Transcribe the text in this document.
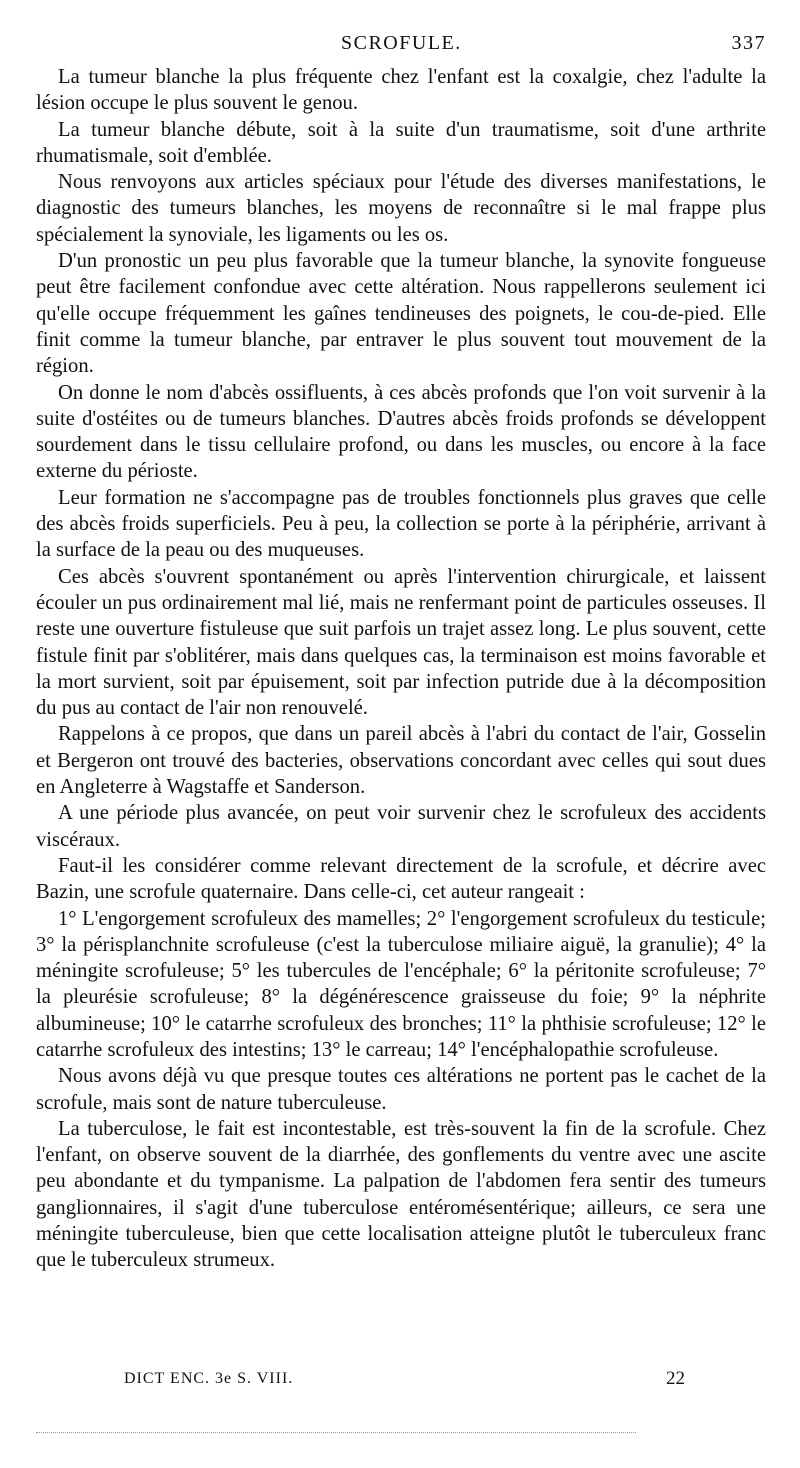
SCROFULE.	337

La tumeur blanche la plus fréquente chez l'enfant est la coxalgie, chez l'adulte la lésion occupe le plus souvent le genou.

La tumeur blanche débute, soit à la suite d'un traumatisme, soit d'une arthrite rhumatismale, soit d'emblée.

Nous renvoyons aux articles spéciaux pour l'étude des diverses manifestations, le diagnostic des tumeurs blanches, les moyens de reconnaître si le mal frappe plus spécialement la synoviale, les ligaments ou les os.

D'un pronostic un peu plus favorable que la tumeur blanche, la synovite fongueuse peut être facilement confondue avec cette altération. Nous rappellerons seulement ici qu'elle occupe fréquemment les gaînes tendineuses des poignets, le cou-de-pied. Elle finit comme la tumeur blanche, par entraver le plus souvent tout mouvement de la région.

On donne le nom d'abcès ossifluents, à ces abcès profonds que l'on voit survenir à la suite d'ostéites ou de tumeurs blanches. D'autres abcès froids profonds se développent sourdement dans le tissu cellulaire profond, ou dans les muscles, ou encore à la face externe du périoste.

Leur formation ne s'accompagne pas de troubles fonctionnels plus graves que celle des abcès froids superficiels. Peu à peu, la collection se porte à la périphérie, arrivant à la surface de la peau ou des muqueuses.

Ces abcès s'ouvrent spontanément ou après l'intervention chirurgicale, et laissent écouler un pus ordinairement mal lié, mais ne renfermant point de particules osseuses. Il reste une ouverture fistuleuse que suit parfois un trajet assez long. Le plus souvent, cette fistule finit par s'oblitérer, mais dans quelques cas, la terminaison est moins favorable et la mort survient, soit par épuisement, soit par infection putride due à la décomposition du pus au contact de l'air non renouvelé.

Rappelons à ce propos, que dans un pareil abcès à l'abri du contact de l'air, Gosselin et Bergeron ont trouvé des bacteries, observations concordant avec celles qui sout dues en Angleterre à Wagstaffe et Sanderson.

A une période plus avancée, on peut voir survenir chez le scrofuleux des accidents viscéraux.

Faut-il les considérer comme relevant directement de la scrofule, et décrire avec Bazin, une scrofule quaternaire. Dans celle-ci, cet auteur rangeait :

1° L'engorgement scrofuleux des mamelles; 2° l'engorgement scrofuleux du testicule; 3° la périsplanchnite scrofuleuse (c'est la tuberculose miliaire aiguë, la granulie); 4° la méningite scrofuleuse; 5° les tubercules de l'encéphale; 6° la péritonite scrofuleuse; 7° la pleurésie scrofuleuse; 8° la dégénérescence graisseuse du foie; 9° la néphrite albumineuse; 10° le catarrhe scrofuleux des bronches; 11° la phthisie scrofuleuse; 12° le catarrhe scrofuleux des intestins; 13° le carreau; 14° l'encéphalopathie scrofuleuse.

Nous avons déjà vu que presque toutes ces altérations ne portent pas le cachet de la scrofule, mais sont de nature tuberculeuse.

La tuberculose, le fait est incontestable, est très-souvent la fin de la scrofule. Chez l'enfant, on observe souvent de la diarrhée, des gonflements du ventre avec une ascite peu abondante et du tympanisme. La palpation de l'abdomen fera sentir des tumeurs ganglionnaires, il s'agit d'une tuberculose entéromésentérique; ailleurs, ce sera une méningite tuberculeuse, bien que cette localisation atteigne plutôt le tuberculeux franc que le tuberculeux strumeux.

DICT ENC. 3e S. VIII.	22
